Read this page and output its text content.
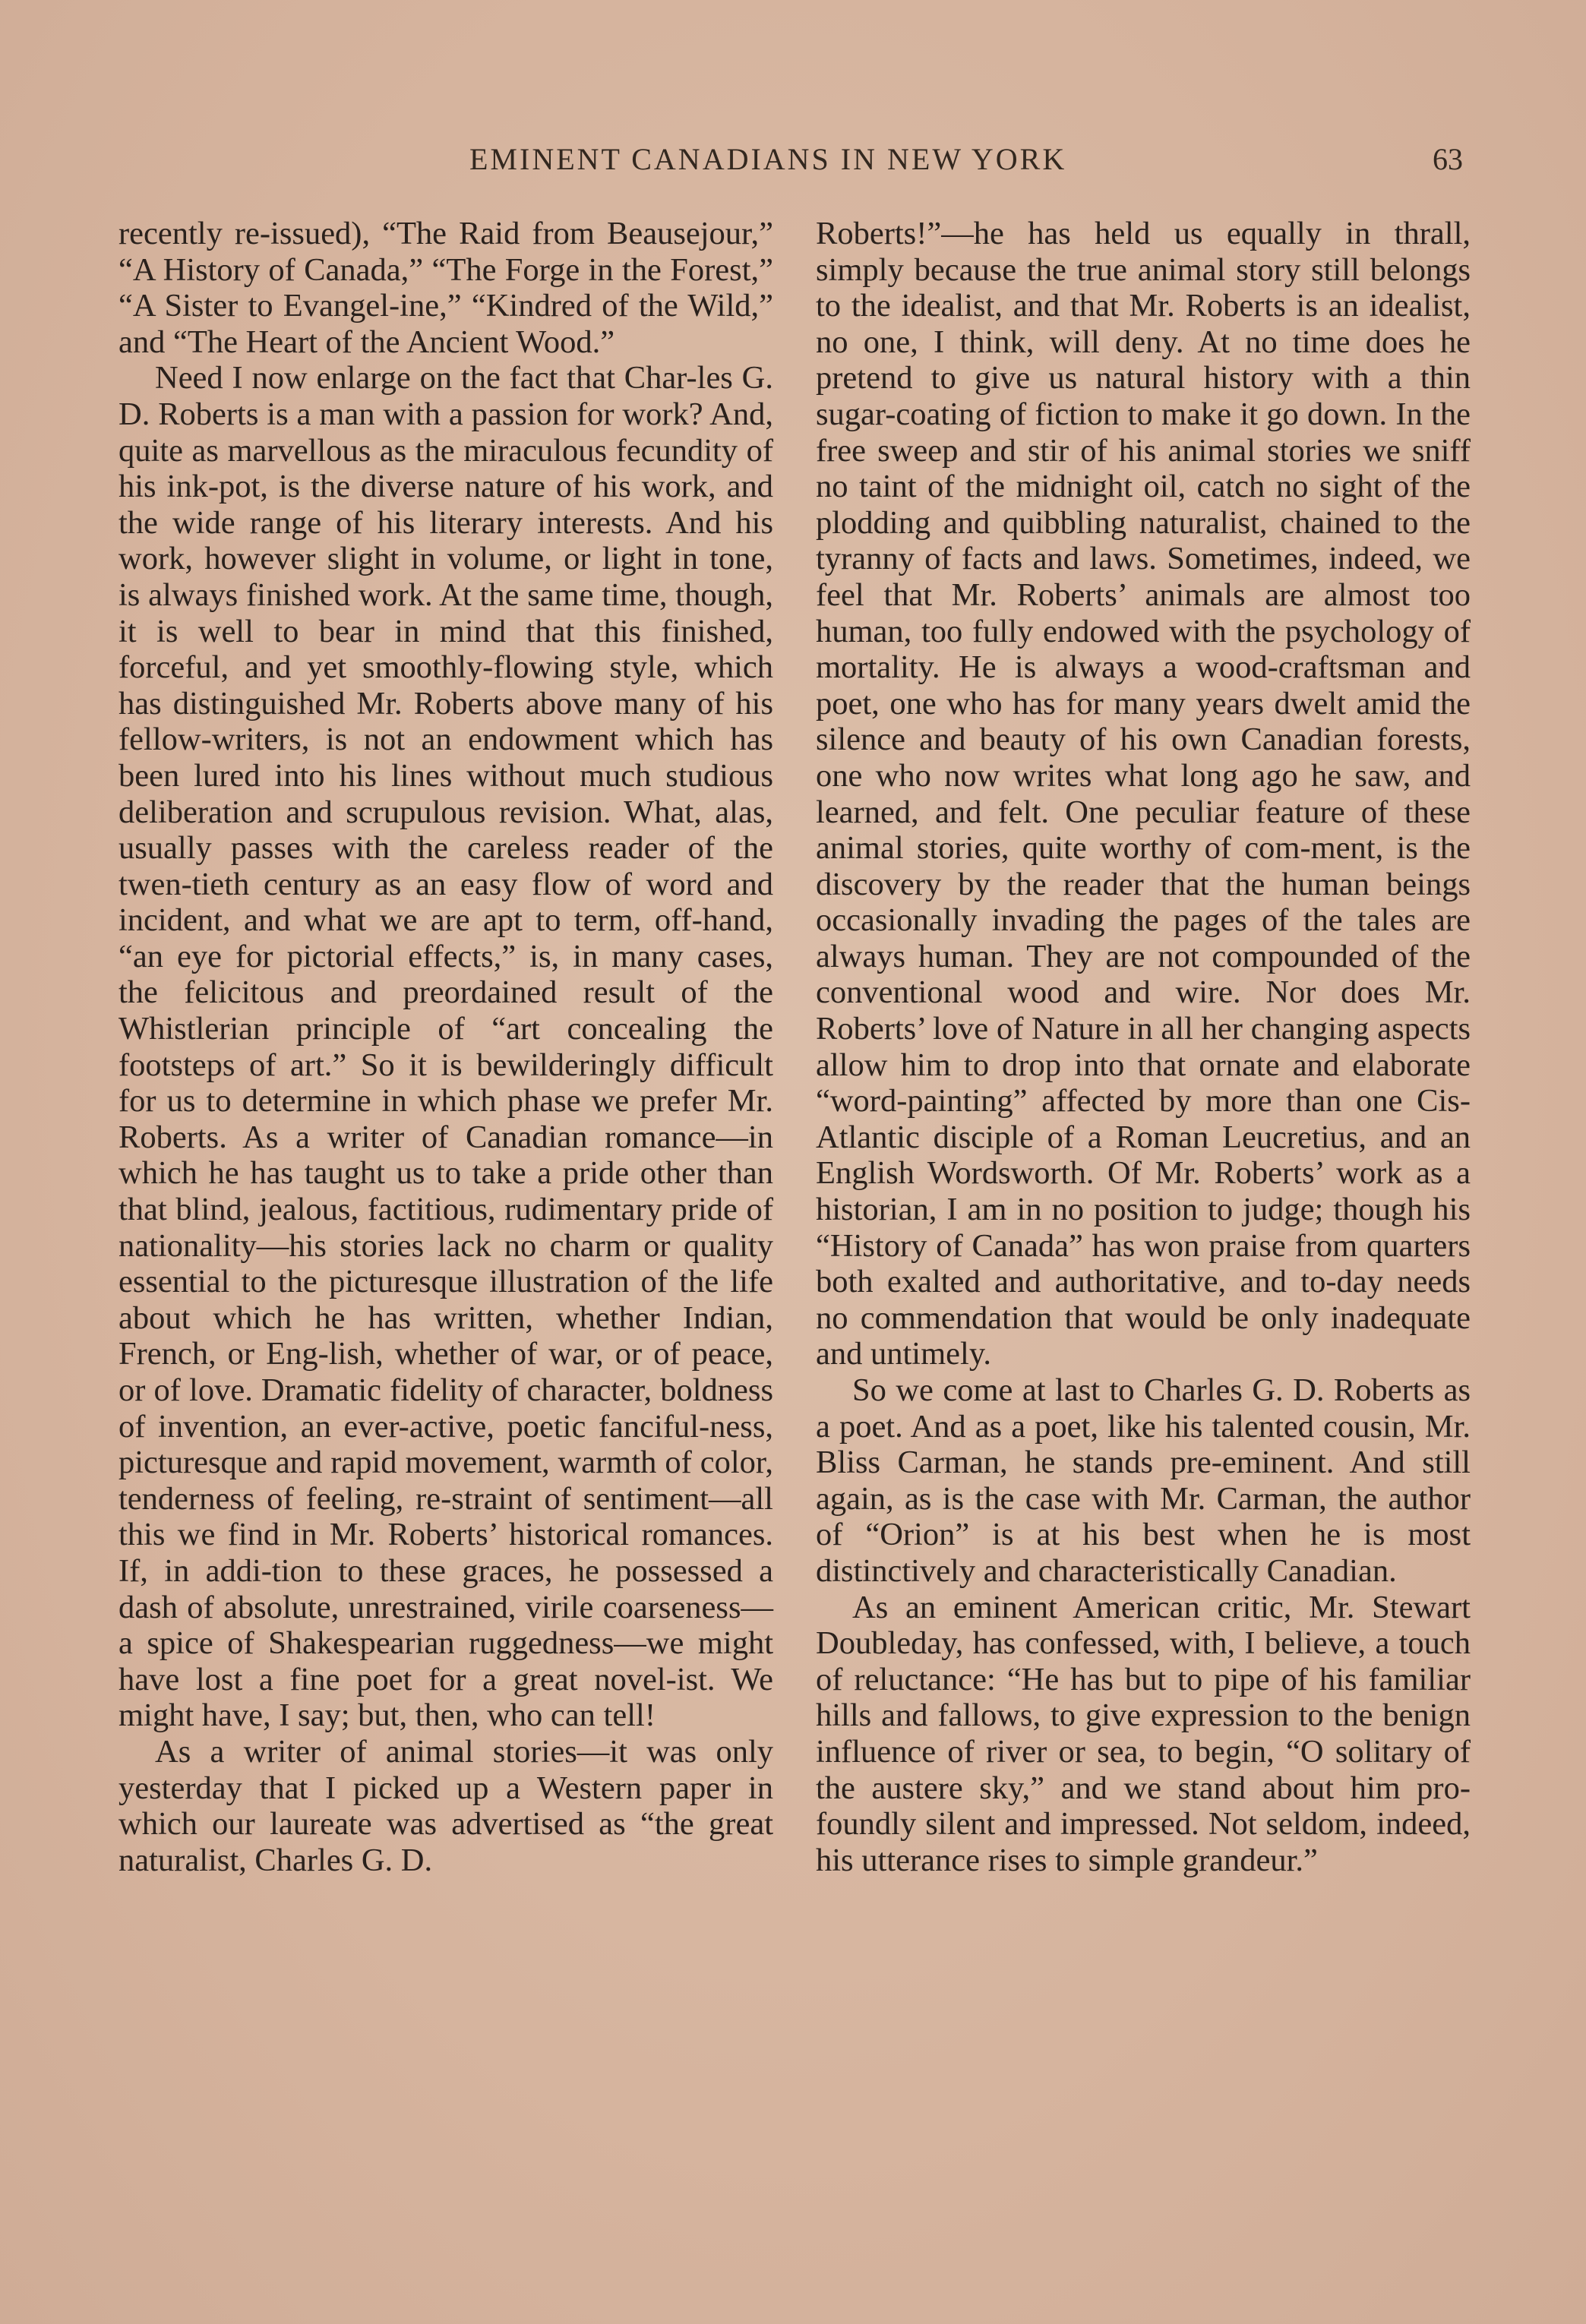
EMINENT CANADIANS IN NEW YORK	63

recently re-issued), “The Raid from Beausejour,” “A History of Canada,” “The Forge in the Forest,” “A Sister to Evangel-ine,” “Kindred of the Wild,” and “The Heart of the Ancient Wood.”

Need I now enlarge on the fact that Char-les G. D. Roberts is a man with a passion for work? And, quite as marvellous as the miraculous fecundity of his ink-pot, is the diverse nature of his work, and the wide range of his literary interests. And his work, however slight in volume, or light in tone, is always finished work. At the same time, though, it is well to bear in mind that this finished, forceful, and yet smoothly-flowing style, which has distinguished Mr. Roberts above many of his fellow-writers, is not an endowment which has been lured into his lines without much studious deliberation and scrupulous revision. What, alas, usually passes with the careless reader of the twen-tieth century as an easy flow of word and incident, and what we are apt to term, off-hand, “an eye for pictorial effects,” is, in many cases, the felicitous and preordained result of the Whistlerian principle of “art concealing the footsteps of art.” So it is bewilderingly difficult for us to determine in which phase we prefer Mr. Roberts. As a writer of Canadian romance—in which he has taught us to take a pride other than that blind, jealous, factitious, rudimentary pride of nationality—his stories lack no charm or quality essential to the picturesque illustration of the life about which he has written, whether Indian, French, or Eng-lish, whether of war, or of peace, or of love. Dramatic fidelity of character, boldness of invention, an ever-active, poetic fanciful-ness, picturesque and rapid movement, warmth of color, tenderness of feeling, re-straint of sentiment—all this we find in Mr. Roberts’ historical romances. If, in addi-tion to these graces, he possessed a dash of absolute, unrestrained, virile coarseness—a spice of Shakespearian ruggedness—we might have lost a fine poet for a great novel-ist. We might have, I say; but, then, who can tell!

As a writer of animal stories—it was only yesterday that I picked up a Western paper in which our laureate was advertised as “the great naturalist, Charles G. D.

Roberts!”—he has held us equally in thrall, simply because the true animal story still belongs to the idealist, and that Mr. Roberts is an idealist, no one, I think, will deny. At no time does he pretend to give us natural history with a thin sugar-coating of fiction to make it go down. In the free sweep and stir of his animal stories we sniff no taint of the midnight oil, catch no sight of the plodding and quibbling naturalist, chained to the tyranny of facts and laws. Sometimes, indeed, we feel that Mr. Roberts’ animals are almost too human, too fully endowed with the psychology of mortality. He is always a wood-craftsman and poet, one who has for many years dwelt amid the silence and beauty of his own Canadian forests, one who now writes what long ago he saw, and learned, and felt. One peculiar feature of these animal stories, quite worthy of com-ment, is the discovery by the reader that the human beings occasionally invading the pages of the tales are always human. They are not compounded of the conventional wood and wire. Nor does Mr. Roberts’ love of Nature in all her changing aspects allow him to drop into that ornate and elaborate “word-painting” affected by more than one Cis-Atlantic disciple of a Roman Leucretius, and an English Wordsworth. Of Mr. Roberts’ work as a historian, I am in no position to judge; though his “History of Canada” has won praise from quarters both exalted and authoritative, and to-day needs no commendation that would be only inadequate and untimely.

So we come at last to Charles G. D. Roberts as a poet. And as a poet, like his talented cousin, Mr. Bliss Carman, he stands pre-eminent. And still again, as is the case with Mr. Carman, the author of “Orion” is at his best when he is most distinctively and characteristically Canadian.

As an eminent American critic, Mr. Stewart Doubleday, has confessed, with, I believe, a touch of reluctance: “He has but to pipe of his familiar hills and fallows, to give expression to the benign influence of river or sea, to begin, “O solitary of the austere sky,” and we stand about him pro-foundly silent and impressed. Not seldom, indeed, his utterance rises to simple grandeur.”
